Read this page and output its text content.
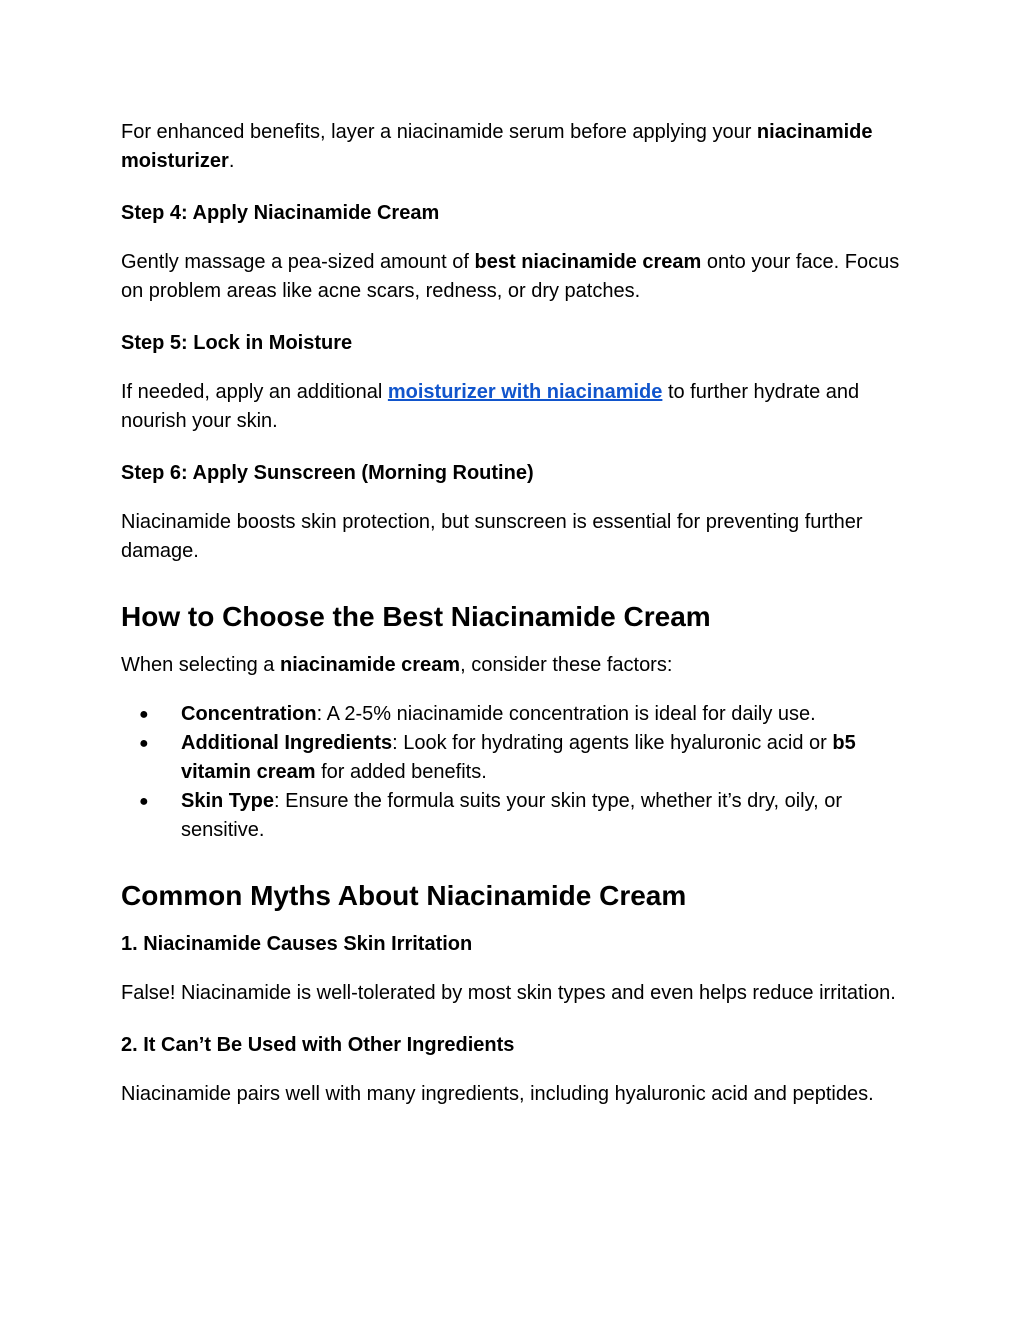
For enhanced benefits, layer a niacinamide serum before applying your niacinamide moisturizer.

Step 4: Apply Niacinamide Cream

Gently massage a pea-sized amount of best niacinamide cream onto your face. Focus on problem areas like acne scars, redness, or dry patches.

Step 5: Lock in Moisture

If needed, apply an additional moisturizer with niacinamide to further hydrate and nourish your skin.

Step 6: Apply Sunscreen (Morning Routine)

Niacinamide boosts skin protection, but sunscreen is essential for preventing further damage.

How to Choose the Best Niacinamide Cream

When selecting a niacinamide cream, consider these factors:

● Concentration: A 2-5% niacinamide concentration is ideal for daily use.
● Additional Ingredients: Look for hydrating agents like hyaluronic acid or b5 vitamin cream for added benefits.
● Skin Type: Ensure the formula suits your skin type, whether it’s dry, oily, or sensitive.
Common Myths About Niacinamide Cream
1. Niacinamide Causes Skin Irritation

False! Niacinamide is well-tolerated by most skin types and even helps reduce irritation.

2. It Can’t Be Used with Other Ingredients

Niacinamide pairs well with many ingredients, including hyaluronic acid and peptides.
